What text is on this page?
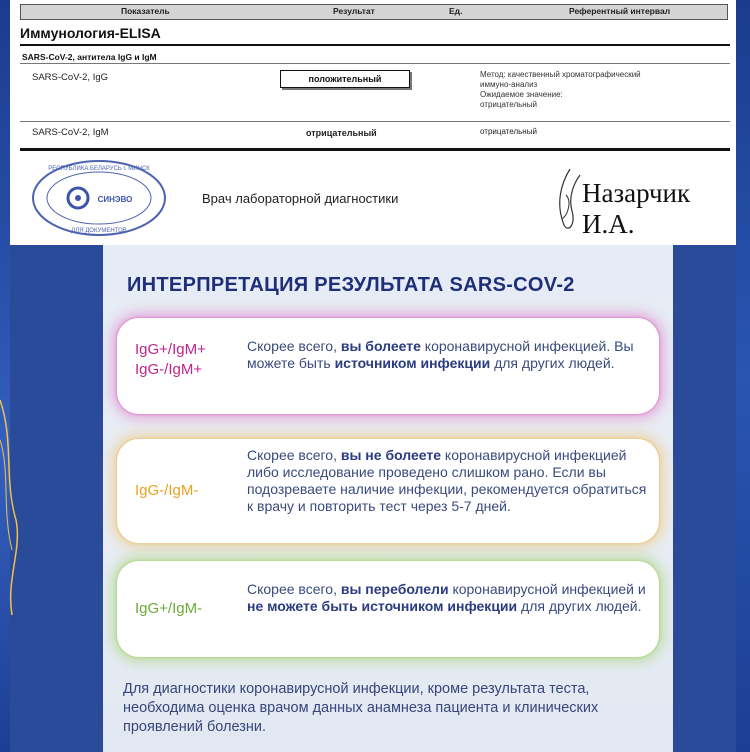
Показатель	Результат	Ед.	Референтный интервал
Иммунология-ELISA
SARS-CoV-2, антитела IgG и IgM
SARS-CoV-2, IgG	положительный	Метод: качественный хроматографический
иммуно-анализ
Ожидаемое значение:
отрицательный
SARS-CoV-2, IgM	отрицательный	отрицательный
СИНЭВО
РЕСПУБЛИКА БЕЛАРУСЬ г. МИНСК
ДЛЯ ДОКУМЕНТОВ
Врач лабораторной диагностики	Назарчик И.А.
ИНТЕРПРЕТАЦИЯ РЕЗУЛЬТАТА SARS-COV-2
IgG+/IgM+
IgG-/IgM+
Скорее всего, вы болеете коронавирусной инфекцией. Вы можете быть источником инфекции для других людей.
IgG-/IgM-
Скорее всего, вы не болеете коронавирусной инфекцией либо исследование проведено слишком рано. Если вы подозреваете наличие инфекции, рекомендуется обратиться к врачу и повторить тест через 5-7 дней.
IgG+/IgM-
Скорее всего, вы переболели коронавирусной инфекцией и не можете быть источником инфекции для других людей.
Для диагностики коронавирусной инфекции, кроме результата теста, необходима оценка врачом данных анамнеза пациента и клинических проявлений болезни.
